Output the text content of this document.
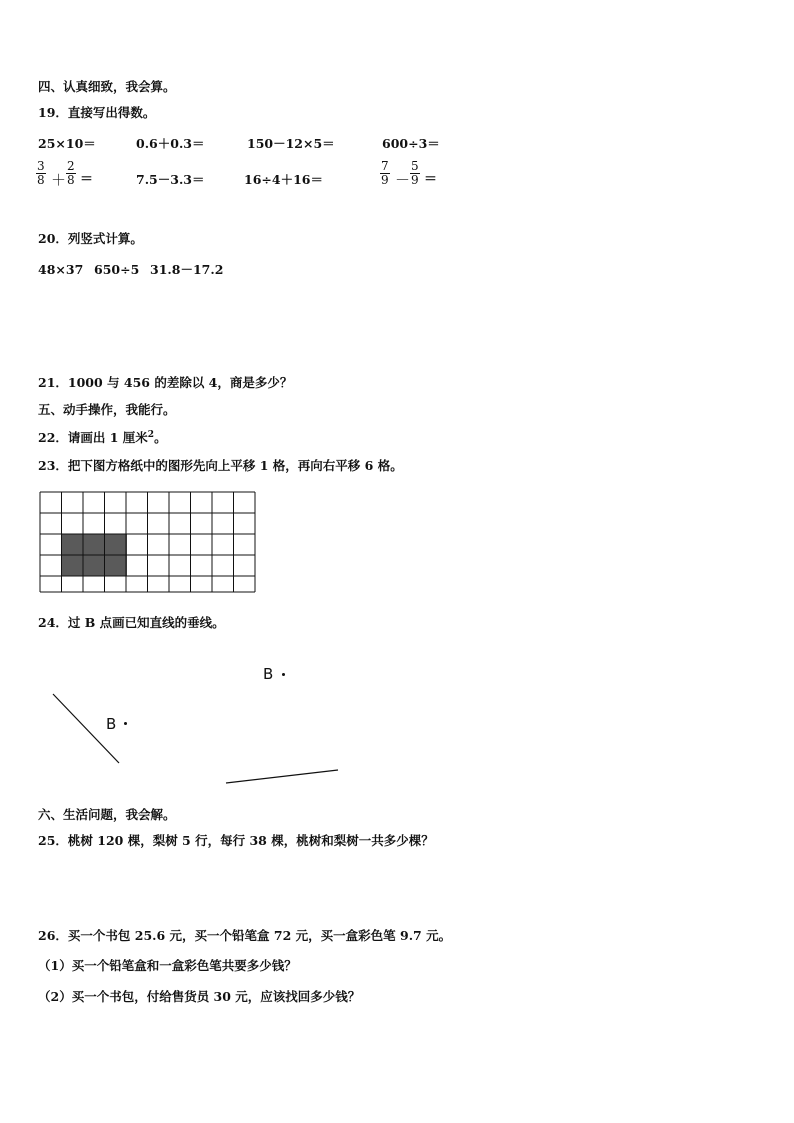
四、认真细致，我会算。
19．直接写出得数。
25×10＝	0.6＋0.3＝	150－12×5＝	600÷3＝
$\frac{3}{8} + \frac{2}{8}$ ＝	7.5－3.3＝	16÷4＋16＝	$\frac{7}{9} - \frac{5}{9}$ ＝
20．列竖式计算。
48×37 650÷5 31.8－17.2
21．1000 与 456 的差除以 4，商是多少？
五、动手操作，我能行。
22．请画出 1 厘米$^2$。
23．把下图方格纸中的图形先向上平移 1 格，再向右平移 6 格。
24．过 B 点画已知直线的垂线。
B
B
六、生活问题，我会解。
25．桃树 120 棵，梨树 5 行，每行 38 棵，桃树和梨树一共多少棵？
26．买一个书包 25.6 元，买一个铅笔盒 72 元，买一盒彩色笔 9.7 元。
（1）买一个铅笔盒和一盒彩色笔共要多少钱？
（2）买一个书包，付给售货员 30 元，应该找回多少钱？
